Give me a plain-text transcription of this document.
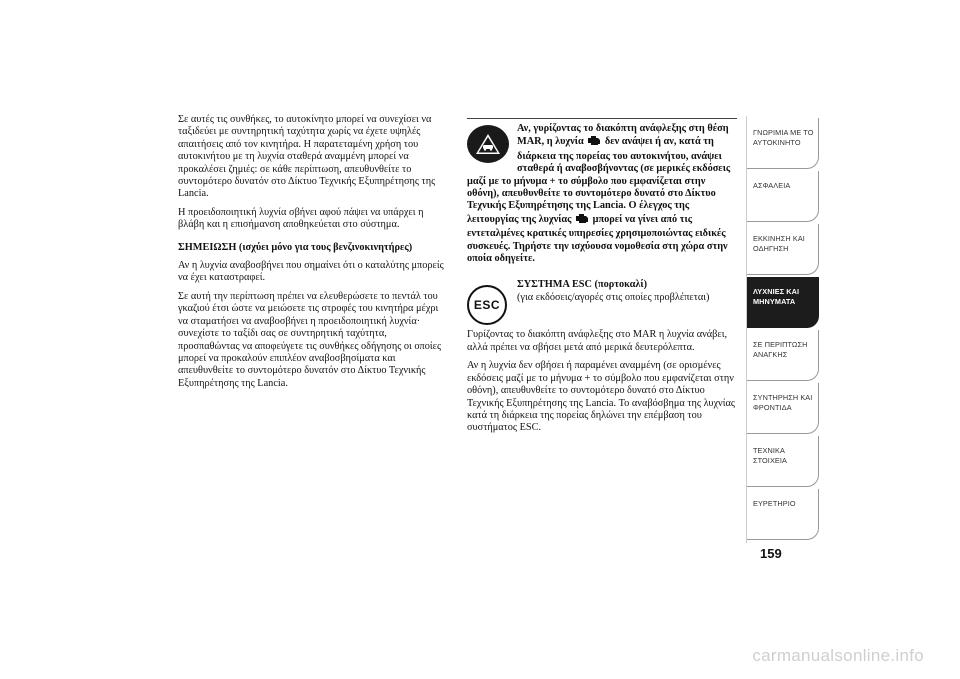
Σε αυτές τις συνθήκες, το αυτοκίνητο μπορεί να συνεχίσει να ταξιδεύει με συντηρητική ταχύτητα χωρίς να έχετε υψηλές απαιτήσεις από τον κινητήρα. Η παρατεταμένη χρήση του αυτοκινήτου με τη λυχνία σταθερά αναμμένη μπορεί να προκαλέσει ζημιές: σε κάθε περίπτωση, απευθυνθείτε το συντομότερο δυνατόν στο Δίκτυο Τεχνικής Εξυπηρέτησης της Lancia.

Η προειδοποιητική λυχνία σβήνει αφού πάψει να υπάρχει η βλάβη και η επισήμανση αποθηκεύεται στο σύστημα.

ΣΗΜΕΙΩΣΗ (ισχύει μόνο για τους βενζινοκινητήρες)

Αν η λυχνία αναβοσβήνει που σημαίνει ότι ο καταλύτης μπορείς να έχει καταστραφεί.

Σε αυτή την περίπτωση πρέπει να ελευθερώσετε το πεντάλ του γκαζιού έτσι ώστε να μειώσετε τις στροφές του κινητήρα μέχρι να σταματήσει να αναβοσβήνει η προειδοποιητική λυχνία· συνεχίστε το ταξίδι σας σε συντηρητική ταχύτητα, προσπαθώντας να αποφεύγετε τις συνθήκες οδήγησης οι οποίες μπορεί να προκαλούν επιπλέον αναβοσβησίματα και απευθυνθείτε το συντομότερο δυνατόν στο Δίκτυο Τεχνικής Εξυπηρέτησης της Lancia.

Αν, γυρίζοντας το διακόπτη ανάφλεξης στη θέση MAR, η λυχνία δεν ανάψει ή αν, κατά τη διάρκεια της πορείας του αυτοκινήτου, ανάψει σταθερά ή αναβοσβήνοντας (σε μερικές εκδόσεις μαζί με το μήνυμα + το σύμβολο που εμφανίζεται στην οθόνη), απευθυνθείτε το συντομότερο δυνατό στο Δίκτυο Τεχνικής Εξυπηρέτησης της Lancia. Ο έλεγχος της λειτουργίας της λυχνίας μπορεί να γίνει από τις εντεταλμένες κρατικές υπηρεσίες χρησιμοποιώντας ειδικές συσκευές. Τηρήστε την ισχύουσα νομοθεσία στη χώρα στην οποία οδηγείτε.

ESC
ΣΥΣΤΗΜΑ ESC (πορτοκαλί)
(για εκδόσεις/αγορές στις οποίες προβλέπεται)

Γυρίζοντας το διακόπτη ανάφλεξης στο MAR η λυχνία ανάβει, αλλά πρέπει να σβήσει μετά από μερικά δευτερόλεπτα.

Αν η λυχνία δεν σβήσει ή παραμένει αναμμένη (σε ορισμένες εκδόσεις μαζί με το μήνυμα + το σύμβολο που εμφανίζεται στην οθόνη), απευθυνθείτε το συντομότερο δυνατό στο Δίκτυο Τεχνικής Εξυπηρέτησης της Lancia. Το αναβόσβημα της λυχνίας κατά τη διάρκεια της πορείας δηλώνει την επέμβαση του συστήματος ESC.

ΓΝΩΡΙΜΙΑ ΜΕ ΤΟ ΑΥΤΟΚΙΝΗΤΟ
ΑΣΦΑΛΕΙΑ
ΕΚΚΙΝΗΣΗ ΚΑΙ ΟΔΗΓΗΣΗ
ΛΥΧΝΙΕΣ ΚΑΙ ΜΗΝΥΜΑΤΑ
ΣΕ ΠΕΡΙΠΤΩΣΗ ΑΝΑΓΚΗΣ
ΣΥΝΤΗΡΗΣΗ ΚΑΙ ΦΡΟΝΤΙΔΑ
ΤΕΧΝΙΚΑ ΣΤΟΙΧΕΙΑ
ΕΥΡΕΤΗΡΙΟ
159
carmanualsonline.info
